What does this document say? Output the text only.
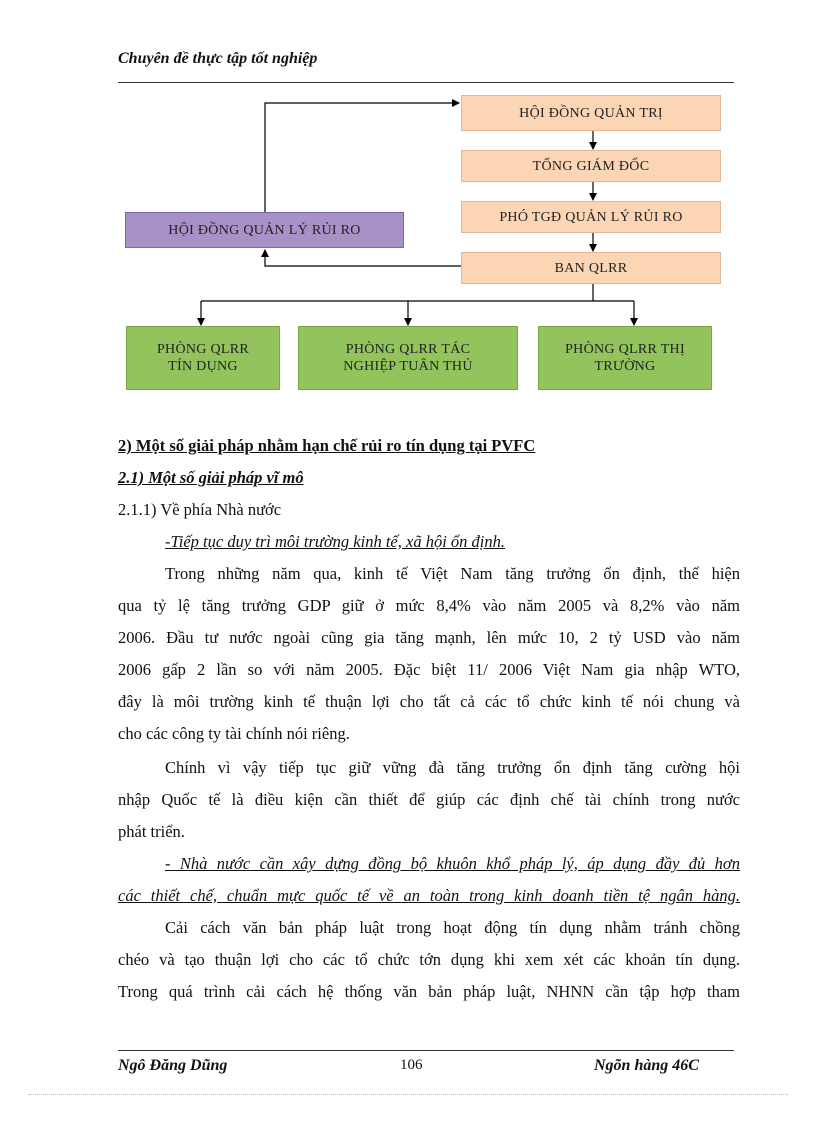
Chuyên đề thực tập tốt nghiệp
HỘI ĐỒNG QUẢN TRỊ
TỔNG GIÁM ĐỐC
PHÓ TGĐ QUẢN LÝ RỦI RO
HỘI ĐỒNG QUẢN LÝ RỦI RO
BAN QLRR
PHÒNG QLRR
TÍN DỤNG
PHÒNG QLRR TÁC
NGHIỆP TUÂN THỦ
PHÒNG QLRR THỊ
TRƯỜNG
2) Một số giải pháp nhằm hạn chế rủi ro tín dụng tại PVFC
2.1) Một số giải pháp vĩ mô
2.1.1) Về phía Nhà nước
-Tiếp tục duy trì môi trường kinh tế, xã hội ổn định.
Trong những năm qua, kinh tế Việt Nam tăng trưởng ổn định, thể hiện
qua tỷ lệ tăng trưởng GDP giữ ở mức 8,4% vào năm 2005 và 8,2% vào năm
2006. Đầu tư nước ngoài cũng gia tăng mạnh, lên mức 10, 2 tỷ USD vào năm
2006 gấp 2 lần so với năm 2005. Đặc biệt 11/ 2006 Việt Nam gia nhập WTO,
đây là môi trường kinh tế thuận lợi cho tất cả các tổ chức kinh tế nói chung và
cho các công ty tài chính nói riêng.
Chính vì vậy tiếp tục giữ vững đà tăng trưởng ổn định tăng cường hội
nhập Quốc tế là điều kiện cần thiết để giúp các định chế tài chính trong nước
phát triển.
- Nhà nước cần xây dựng đồng bộ khuôn khổ pháp lý, áp dụng đầy đủ hơn
các thiết chế, chuẩn mực quốc tế về an toàn trong kinh doanh tiền tệ ngân hàng.
Cải cách văn bản pháp luật trong hoạt động tín dụng nhằm tránh chồng
chéo và tạo thuận lợi cho các tổ chức tớn dụng khi xem xét các khoản tín dụng.
Trong quá trình cải cách hệ thống văn bản pháp luật, NHNN cần tập hợp tham
Ngô Đăng Dũng	106	Ngõn hàng 46C
